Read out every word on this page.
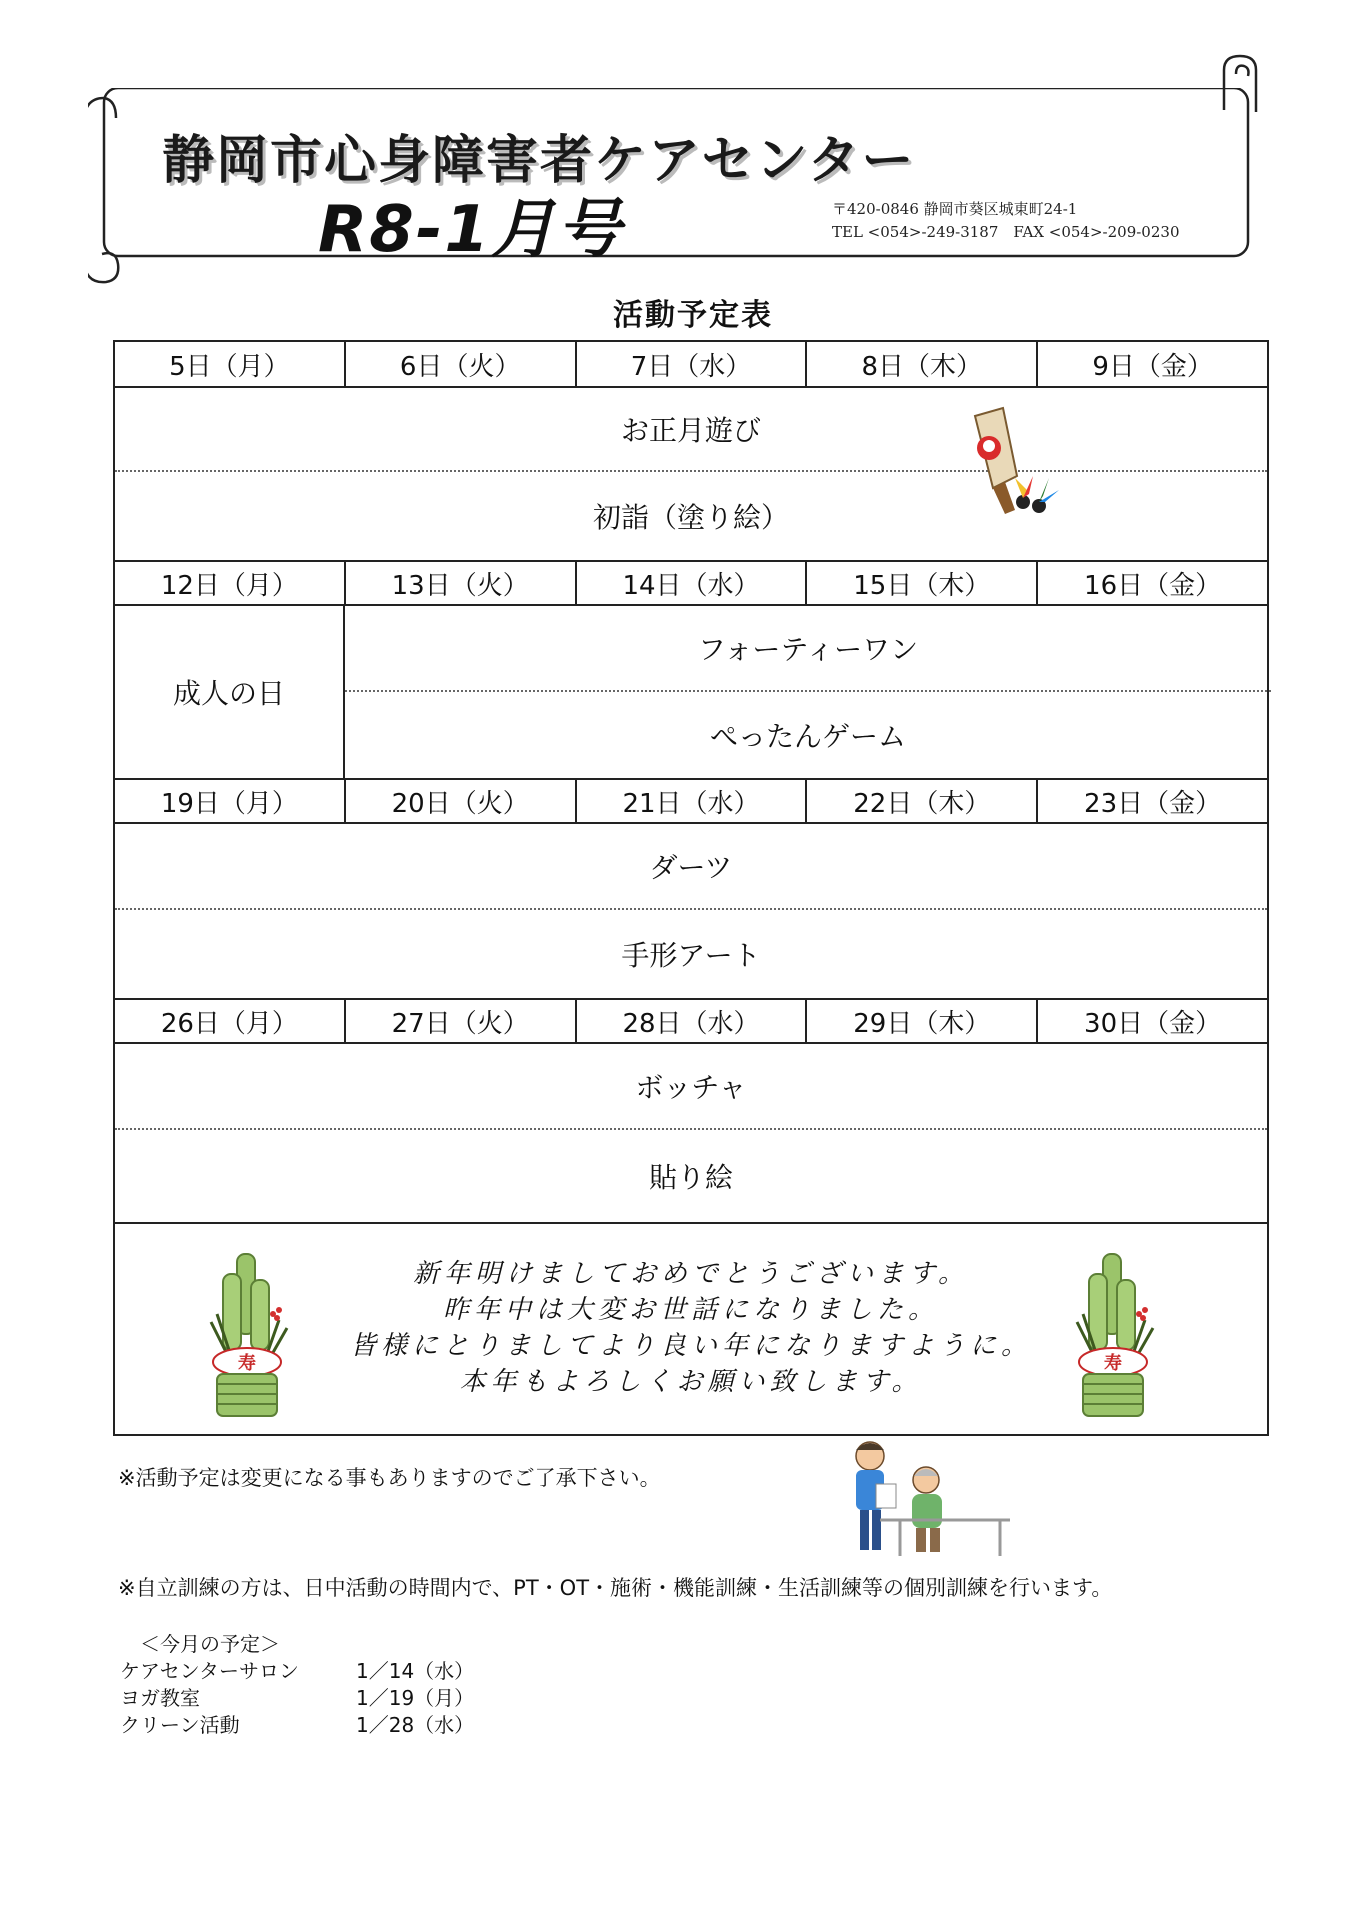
静岡市心身障害者ケアセンター
R8-1月号	〒420-0846 静岡市葵区城東町24-1
TEL <054>-249-3187　FAX <054>-209-0230
活動予定表
5日（月）	6日（火）	7日（水）	8日（木）	9日（金）
お正月遊び
初詣（塗り絵）
12日（月）	13日（火）	14日（水）	15日（木）	16日（金）
成人の日
フォーティーワン
ぺったんゲーム
19日（月）	20日（火）	21日（水）	22日（木）	23日（金）
ダーツ
手形アート
26日（月）	27日（火）	28日（水）	29日（木）	30日（金）
ボッチャ
貼り絵
寿
新年明けましておめでとうございます。
昨年中は大変お世話になりました。
皆様にとりましてより良い年になりますように。
本年もよろしくお願い致します。
寿
※活動予定は変更になる事もありますのでご了承下さい。
※自立訓練の方は、日中活動の時間内で、PT・OT・施術・機能訓練・生活訓練等の個別訓練を行います。
＜今月の予定＞
ケアセンターサロン	1／14（水）
ヨガ教室	1／19（月）
クリーン活動	1／28（水）
